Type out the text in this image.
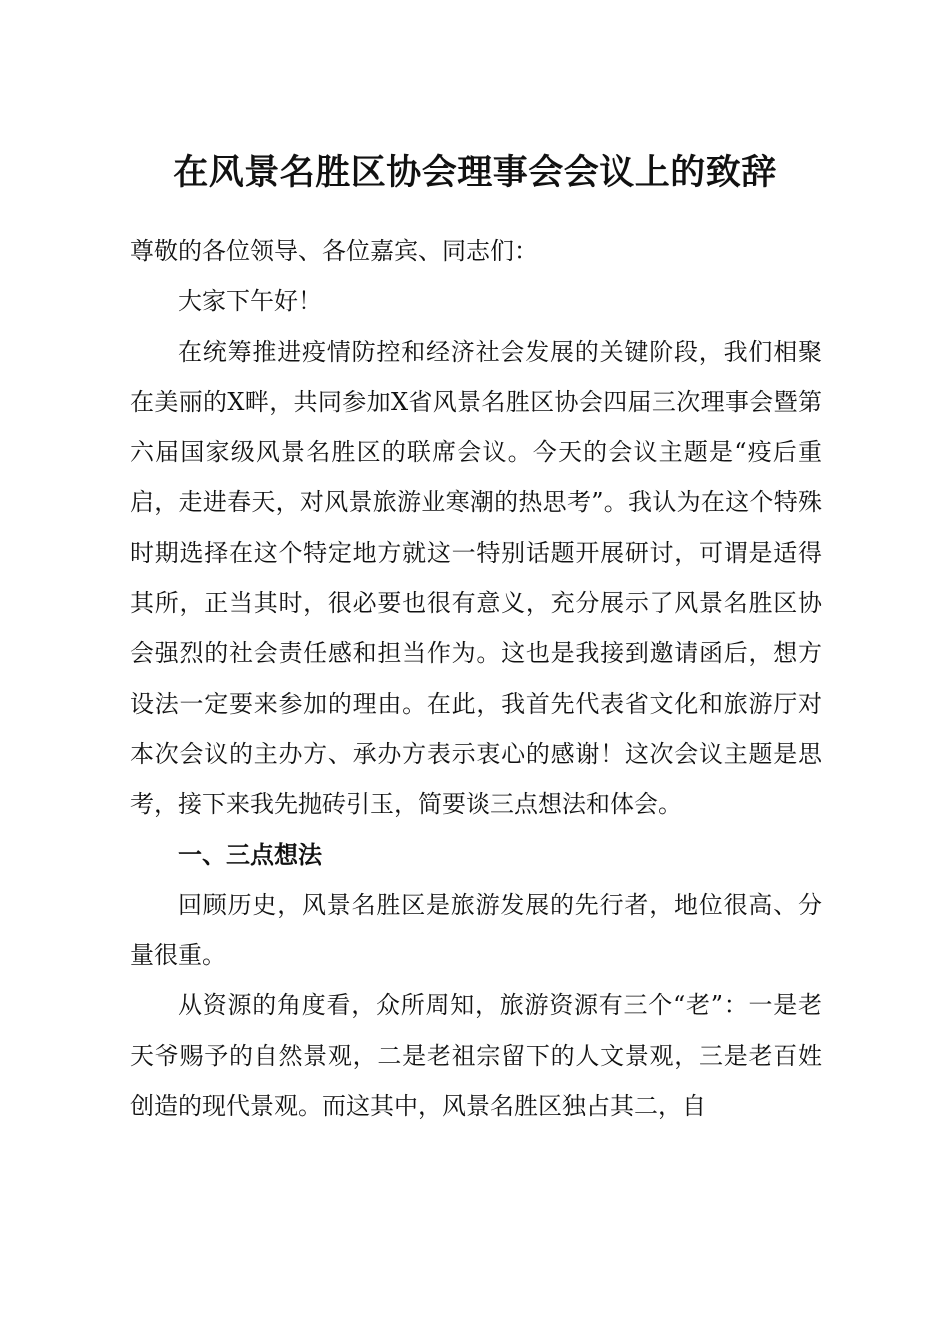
在风景名胜区协会理事会会议上的致辞

尊敬的各位领导、各位嘉宾、同志们：

大家下午好！

在统筹推进疫情防控和经济社会发展的关键阶段，我们相聚在美丽的X畔，共同参加X省风景名胜区协会四届三次理事会暨第六届国家级风景名胜区的联席会议。今天的会议主题是“疫后重启，走进春天，对风景旅游业寒潮的热思考”。我认为在这个特殊时期选择在这个特定地方就这一特别话题开展研讨，可谓是适得其所，正当其时，很必要也很有意义，充分展示了风景名胜区协会强烈的社会责任感和担当作为。这也是我接到邀请函后，想方设法一定要来参加的理由。在此，我首先代表省文化和旅游厅对本次会议的主办方、承办方表示衷心的感谢！这次会议主题是思考，接下来我先抛砖引玉，简要谈三点想法和体会。

一、三点想法

回顾历史，风景名胜区是旅游发展的先行者，地位很高、分量很重。

从资源的角度看，众所周知，旅游资源有三个“老”：一是老天爷赐予的自然景观，二是老祖宗留下的人文景观，三是老百姓创造的现代景观。而这其中，风景名胜区独占其二，自
